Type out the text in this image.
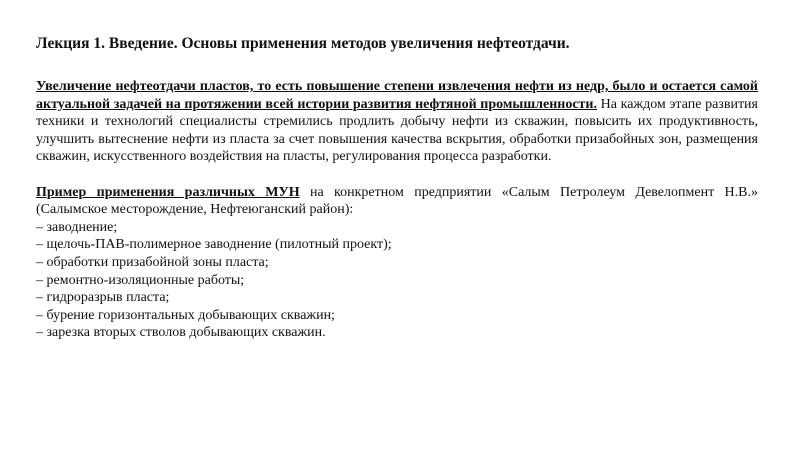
Лекция 1. Введение. Основы применения методов увеличения нефтеотдачи.

Увеличение нефтеотдачи пластов, то есть повышение степени извлечения нефти из недр, было и остается самой актуальной задачей на протяжении всей истории развития нефтяной промышленности. На каждом этапе развития техники и технологий специалисты стремились продлить добычу нефти из скважин, повысить их продуктивность, улучшить вытеснение нефти из пласта за счет повышения качества вскрытия, обработки призабойных зон, размещения скважин, искусственного воздействия на пласты, регулирования процесса разработки.

Пример применения различных МУН на конкретном предприятии «Салым Петролеум Девелопмент Н.В.» (Салымское месторождение, Нефтеюганский район):

– заводнение;
– щелочь-ПАВ-полимерное заводнение (пилотный проект);
– обработки призабойной зоны пласта;
– ремонтно-изоляционные работы;
– гидроразрыв пласта;
– бурение горизонтальных добывающих скважин;
– зарезка вторых стволов добывающих скважин.
